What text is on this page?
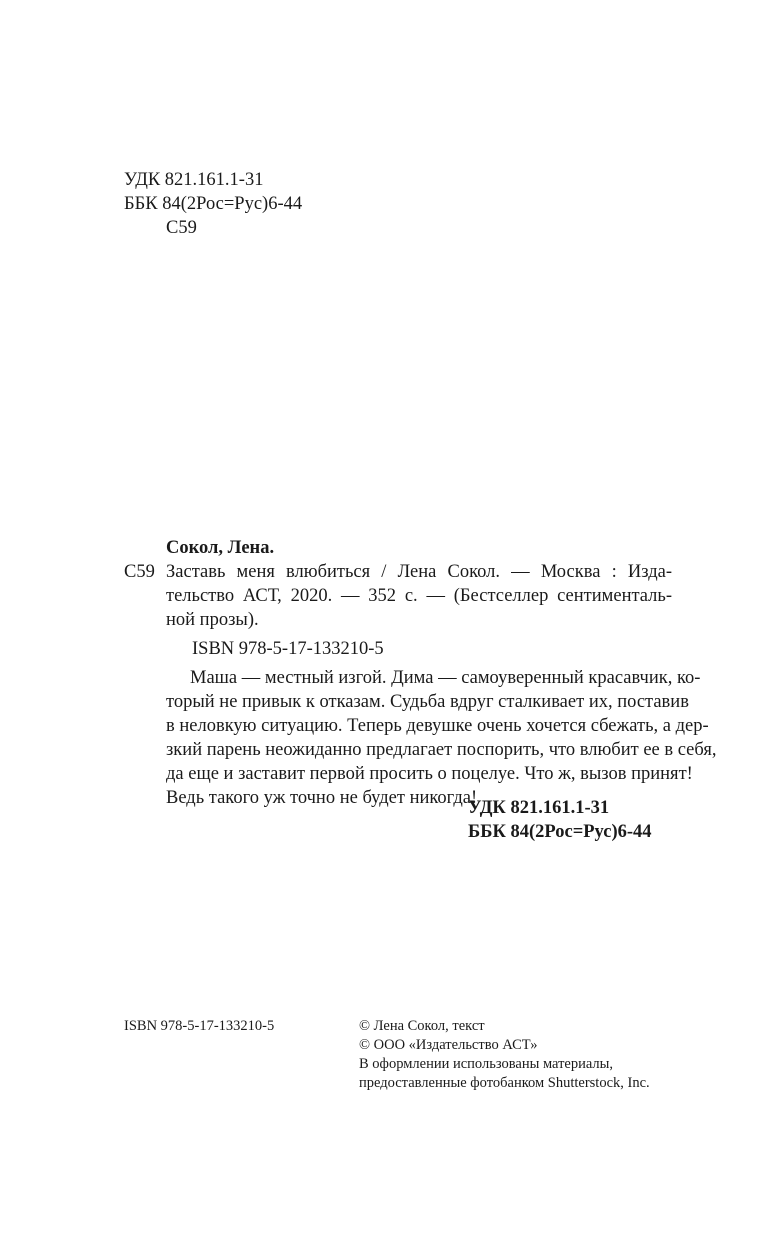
УДК 821.161.1-31
ББК 84(2Рос=Рус)6-44
С59
Сокол, Лена.
С59 Заставь меня влюбиться / Лена Сокол. — Москва : Изда-
тельство АСТ, 2020. — 352 с. — (Бестселлер сентименталь-
ной прозы).
ISBN 978-5-17-133210-5
Маша — местный изгой. Дима — самоуверенный красавчик, ко-
торый не привык к отказам. Судьба вдруг сталкивает их, поставив
в неловкую ситуацию. Теперь девушке очень хочется сбежать, а дер-
зкий парень неожиданно предлагает поспорить, что влюбит ее в себя,
да еще и заставит первой просить о поцелуе. Что ж, вызов принят!
Ведь такого уж точно не будет никогда!
УДК 821.161.1-31
ББК 84(2Рос=Рус)6-44
ISBN 978-5-17-133210-5	© Лена Сокол, текст
© ООО «Издательство АСТ»
В оформлении использованы материалы,
предоставленные фотобанком Shutterstock, Inc.
